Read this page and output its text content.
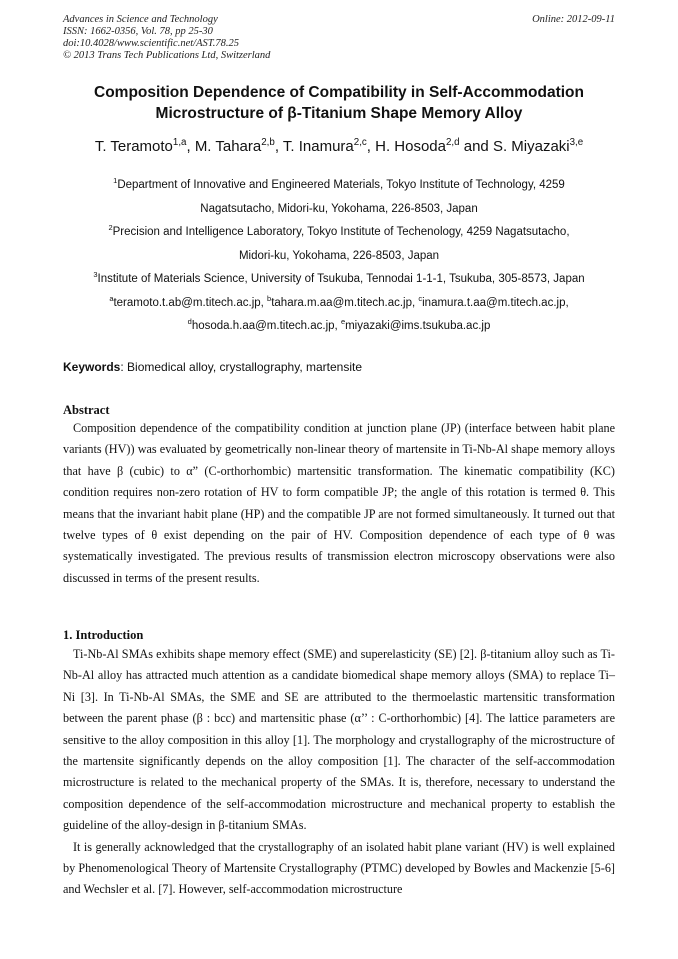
Advances in Science and Technology
ISSN: 1662-0356, Vol. 78, pp 25-30
doi:10.4028/www.scientific.net/AST.78.25
© 2013 Trans Tech Publications Ltd, Switzerland
Online: 2012-09-11
Composition Dependence of Compatibility in Self-Accommodation
Microstructure of β-Titanium Shape Memory Alloy
T. Teramoto$^{1,a}$, M. Tahara$^{2,b}$, T. Inamura$^{2,c}$, H. Hosoda$^{2,d}$ and S. Miyazaki$^{3,e}$
$^1$Department of Innovative and Engineered Materials, Tokyo Institute of Technology, 4259
Nagatsutacho, Midori-ku, Yokohama, 226-8503, Japan
$^2$Precision and Intelligence Laboratory, Tokyo Institute of Techenology, 4259 Nagatsutacho,
Midori-ku, Yokohama, 226-8503, Japan
$^3$Institute of Materials Science, University of Tsukuba, Tennodai 1-1-1, Tsukuba, 305-8573, Japan
$^a$teramoto.t.ab@m.titech.ac.jp, $^b$tahara.m.aa@m.titech.ac.jp, $^c$inamura.t.aa@m.titech.ac.jp,
$^d$hosoda.h.aa@m.titech.ac.jp, $^e$miyazaki@ims.tsukuba.ac.jp
Keywords: Biomedical alloy, crystallography, martensite
Abstract

Composition dependence of the compatibility condition at junction plane (JP) (interface between habit plane variants (HV)) was evaluated by geometrically non-linear theory of martensite in Ti-Nb-Al shape memory alloys that have β (cubic) to α” (C-orthorhombic) martensitic transformation. The kinematic compatibility (KC) condition requires non-zero rotation of HV to form compatible JP; the angle of this rotation is termed θ. This means that the invariant habit plane (HP) and the compatible JP are not formed simultaneously. It turned out that twelve types of θ exist depending on the pair of HV. Composition dependence of each type of θ was systematically investigated. The previous results of transmission electron microscopy observations were also discussed in terms of the present results.

1. Introduction

Ti-Nb-Al SMAs exhibits shape memory effect (SME) and superelasticity (SE) [2]. β-titanium alloy such as Ti-Nb-Al alloy has attracted much attention as a candidate biomedical shape memory alloys (SMA) to replace Ti–Ni [3]. In Ti-Nb-Al SMAs, the SME and SE are attributed to the thermoelastic martensitic transformation between the parent phase (β : bcc) and martensitic phase (α’’ : C-orthorhombic) [4]. The lattice parameters are sensitive to the alloy composition in this alloy [1]. The morphology and crystallography of the microstructure of the martensite significantly depends on the alloy composition [1]. The character of the self-accommodation microstructure is related to the mechanical property of the SMAs. It is, therefore, necessary to understand the composition dependence of the self-accommodation microstructure and mechanical property to establish the guideline of the alloy-design in β-titanium SMAs.

It is generally acknowledged that the crystallography of an isolated habit plane variant (HV) is well explained by Phenomenological Theory of Martensite Crystallography (PTMC) developed by Bowles and Mackenzie [5-6] and Wechsler et al. [7]. However, self-accommodation microstructure
